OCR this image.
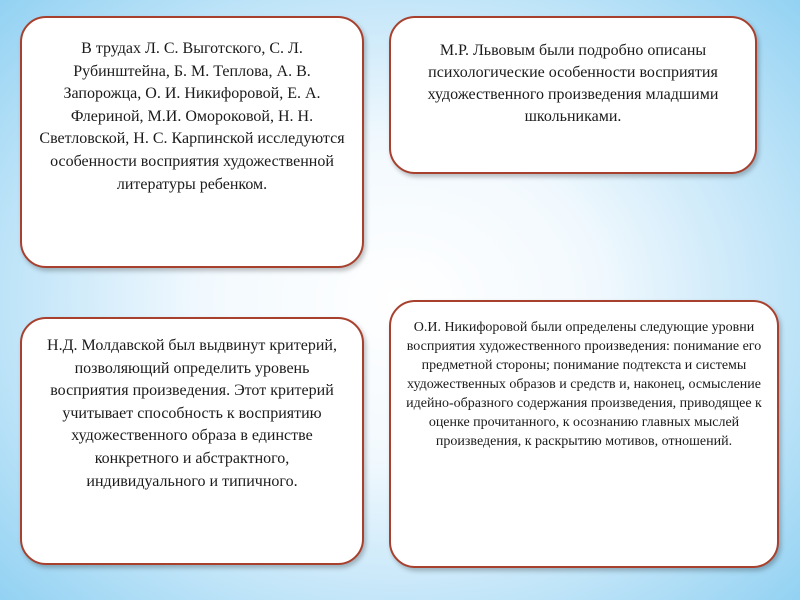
В трудах Л. С. Выготского, С. Л. Рубинштейна, Б. М. Теплова, А. В. Запорожца, О. И. Никифоровой, Е. А. Флериной, М.И. Омороковой, Н. Н. Светловской, Н. С. Карпинской исследуются особенности восприятия художественной литературы ребенком.

М.Р. Львовым были подробно описаны психологические особенности восприятия художественного произведения младшими школьниками.

Н.Д. Молдавской был выдвинут критерий, позволяющий определить уровень восприятия произведения. Этот критерий учитывает способность к восприятию художественного образа в единстве конкретного и абстрактного, индивидуального и типичного.

О.И. Никифоровой были определены следующие уровни восприятия художественного произведения: понимание его предметной стороны; понимание подтекста и системы художественных образов и средств и, наконец, осмысление идейно-образного содержания произведения, приводящее к оценке прочитанного, к осознанию главных мыслей произведения, к раскрытию мотивов, отношений.
